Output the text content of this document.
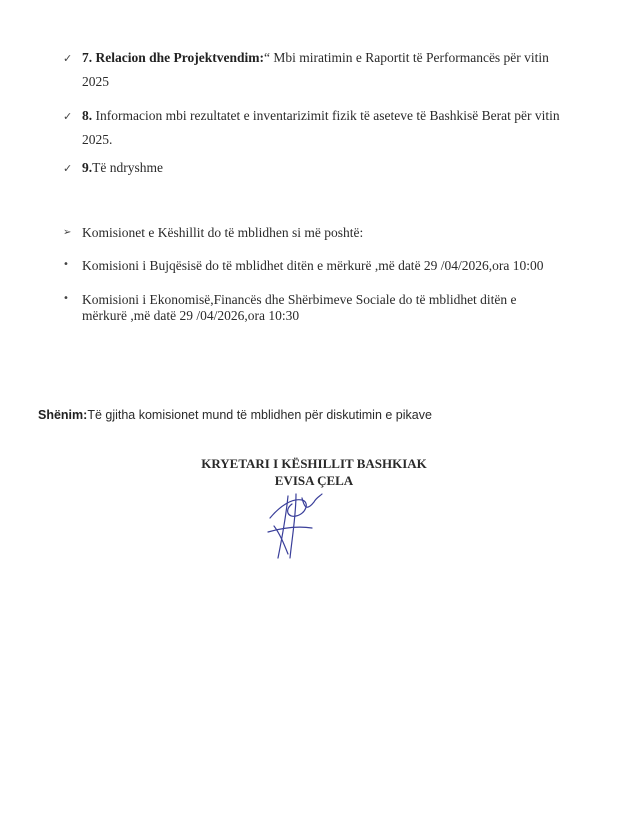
✓ 7. Relacion dhe Projektvendim:“ Mbi miratimin e Raportit të Performancës për vitin
2025
✓ 8. Informacion mbi rezultatet e inventarizimit fizik të aseteve të Bashkisë Berat për vitin
2025.
✓ 9.Të ndryshme
➢ Komisionet e Këshillit do të mblidhen si më poshtë:
• Komisioni i Bujqësisë do të mblidhet ditën e mërkurë ,më datë 29 /04/2026,ora 10:00
• Komisioni i Ekonomisë,Financës dhe Shërbimeve Sociale do të mblidhet ditën e
mërkurë ,më datë 29 /04/2026,ora 10:30
Shënim:Të gjitha komisionet mund të mblidhen për diskutimin e pikave
KRYETARI I KËSHILLIT BASHKIAK
EVISA ÇELA
